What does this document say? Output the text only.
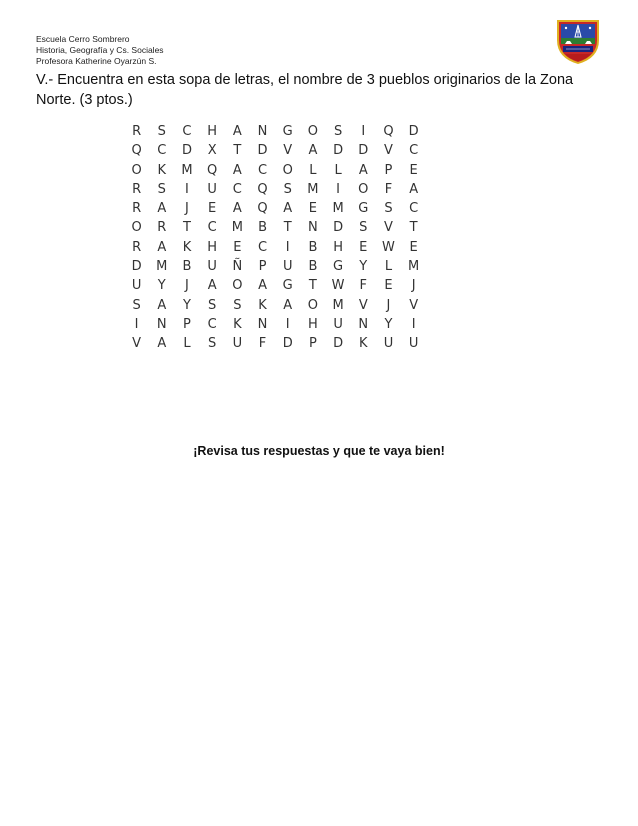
Escuela Cerro Sombrero
Historia, Geografía y Cs. Sociales
Profesora Katherine Oyarzún S.
V.- Encuentra en esta sopa de letras, el nombre de 3 pueblos originarios de la Zona Norte. (3 ptos.)
R	S	C	H	A	N	G	O	S	I	Q	D
Q	C	D	X	T	D	V	A	D	D	V	C
O	K	M	Q	A	C	O	L	L	A	P	E
R	S	I	U	C	Q	S	M	I	O	F	A
R	A	J	E	A	Q	A	E	M	G	S	C
O	R	T	C	M	B	T	N	D	S	V	T
R	A	K	H	E	C	I	B	H	E	W	E
D	M	B	U	Ñ	P	U	B	G	Y	L	M
U	Y	J	A	O	A	G	T	W	F	E	J
S	A	Y	S	S	K	A	O	M	V	J	V
I	N	P	C	K	N	I	H	U	N	Y	I
V	A	L	S	U	F	D	P	D	K	U	U
¡Revisa tus respuestas y que te vaya bien!
